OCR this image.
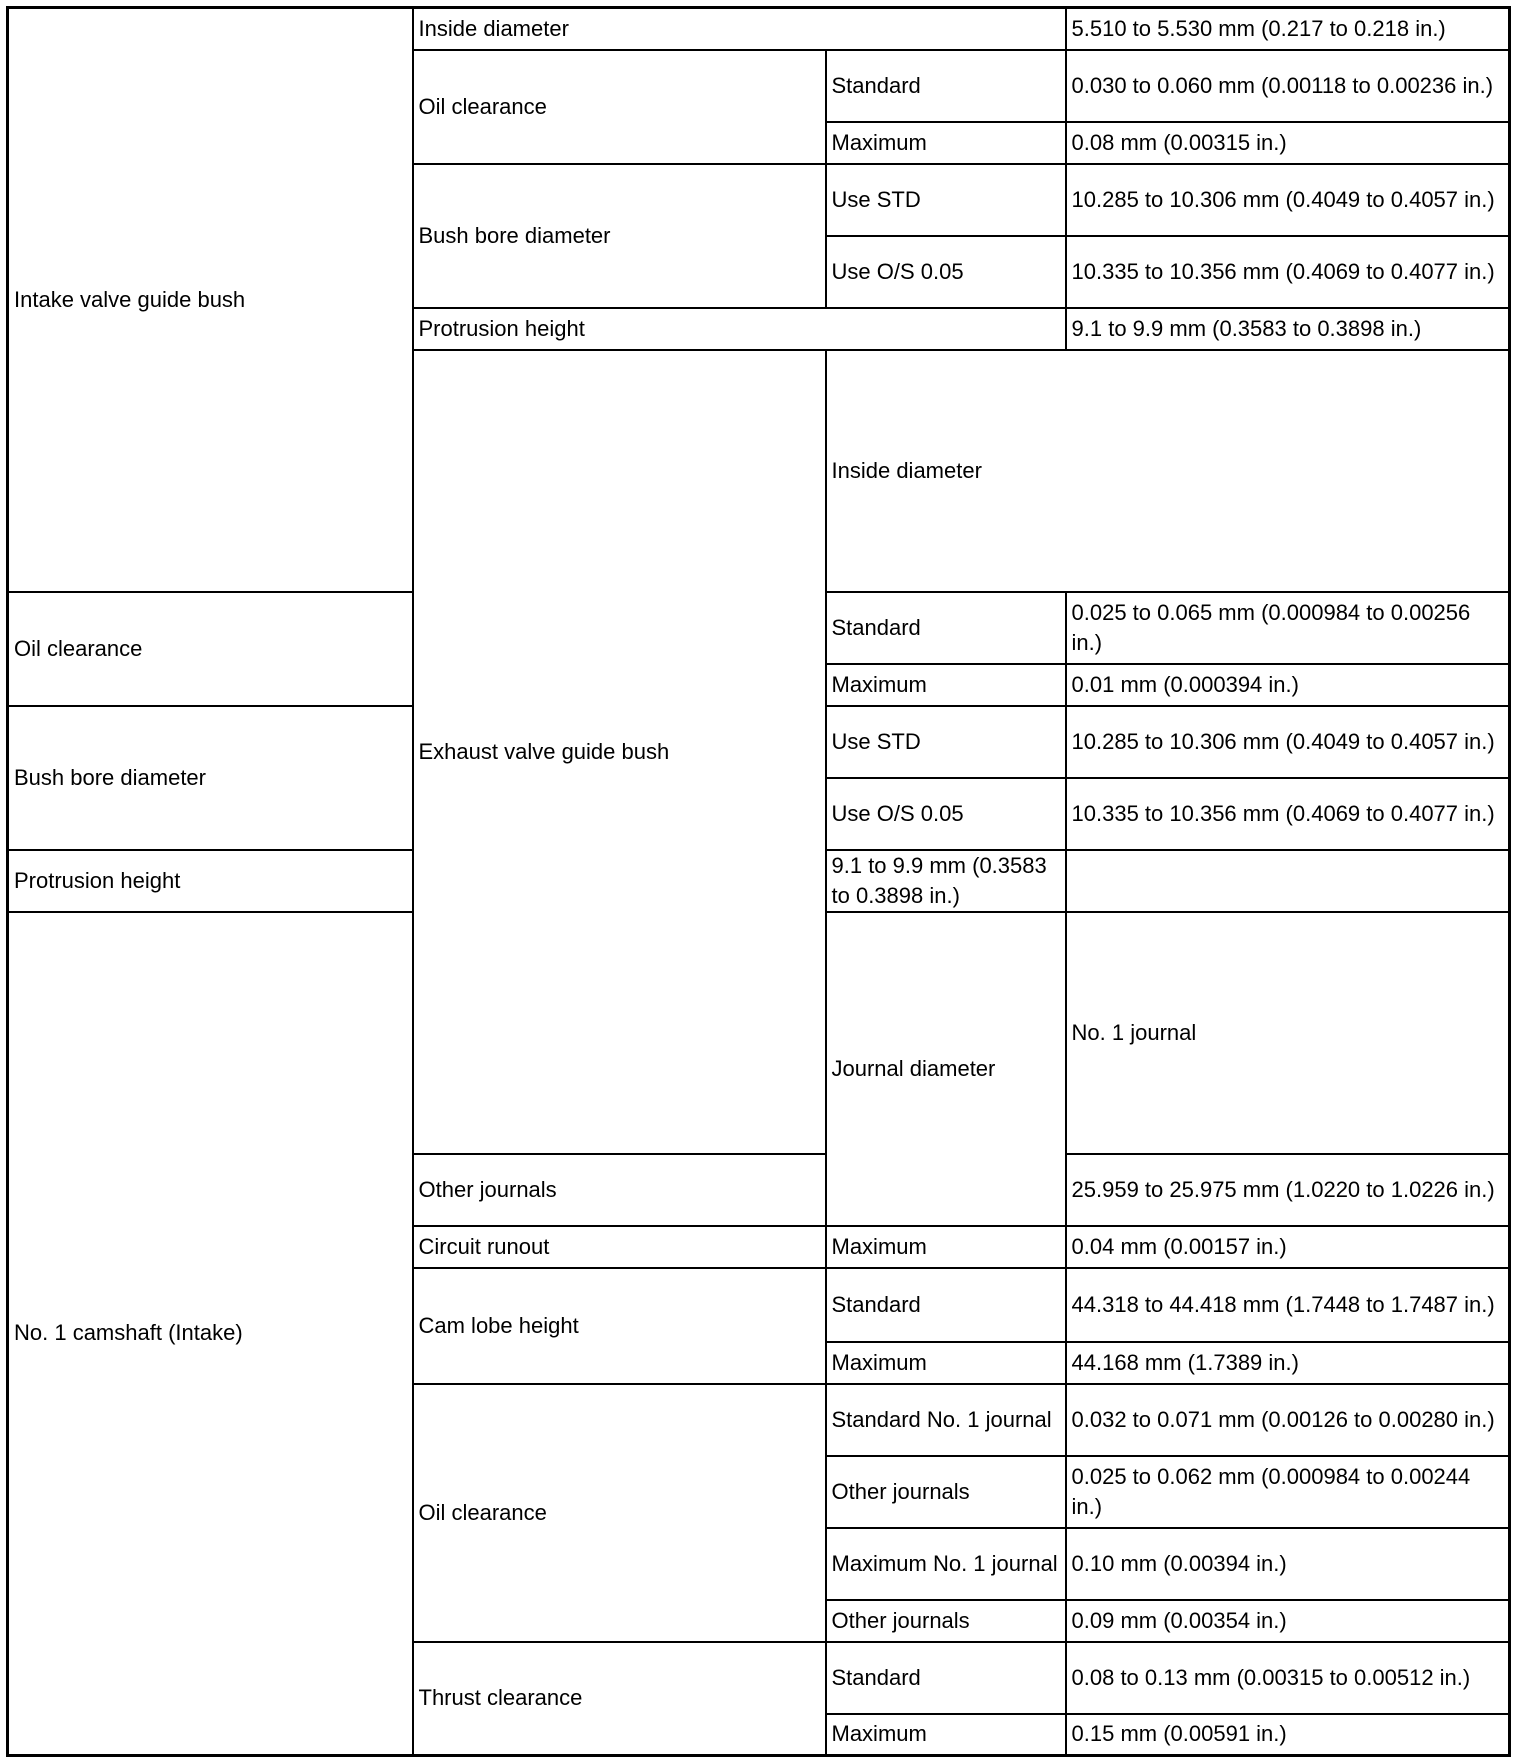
Intake valve guide bush	Inside diameter		5.510 to 5.530 mm (0.217 to 0.218 in.)	
	Oil clearance	Standard	0.030 to 0.060 mm (0.00118 to 0.00236 in.)	
		Maximum	0.08 mm (0.00315 in.)	
	Bush bore diameter	Use STD	10.285 to 10.306 mm (0.4049 to 0.4057 in.)	
		Use O/S 0.05	10.335 to 10.356 mm (0.4069 to 0.4077 in.)	
	Protrusion height		9.1 to 9.9 mm (0.3583 to 0.3898 in.)	
	Exhaust valve guide bush	Inside diameter	
Oil clearance		Standard	0.025 to 0.065 mm (0.000984 to 0.00256 in.)	
		Maximum	0.01 mm (0.000394 in.)	
Bush bore diameter		Use STD	10.285 to 10.306 mm (0.4049 to 0.4057 in.)	
		Use O/S 0.05	10.335 to 10.356 mm (0.4069 to 0.4077 in.)	
Protrusion height		9.1 to 9.9 mm (0.3583 to 0.3898 in.)		
No. 1 camshaft (Intake)		Journal diameter	No. 1 journal	
	Other journals		25.959 to 25.975 mm (1.0220 to 1.0226 in.)	
	Circuit runout	Maximum	0.04 mm (0.00157 in.)	
	Cam lobe height	Standard	44.318 to 44.418 mm (1.7448 to 1.7487 in.)	
		Maximum	44.168 mm (1.7389 in.)	
	Oil clearance	Standard No. 1 journal	0.032 to 0.071 mm (0.00126 to 0.00280 in.)	
		Other journals	0.025 to 0.062 mm (0.000984 to 0.00244 in.)	
		Maximum No. 1 journal	0.10 mm (0.00394 in.)	
		Other journals	0.09 mm (0.00354 in.)	
	Thrust clearance	Standard	0.08 to 0.13 mm (0.00315 to 0.00512 in.)	
		Maximum	0.15 mm (0.00591 in.)	
